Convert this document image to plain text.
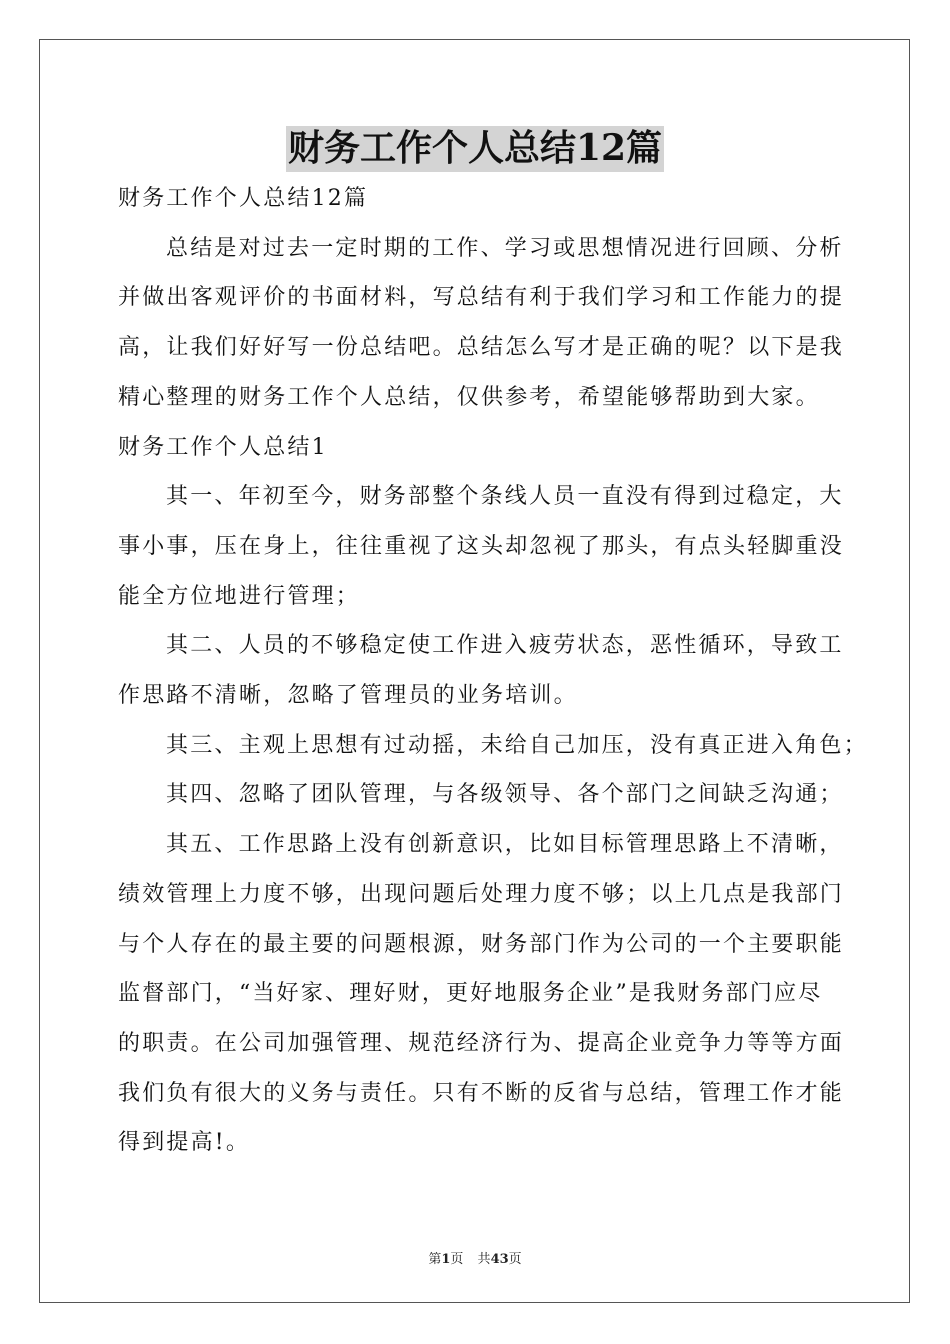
财务工作个人总结12篇
财务工作个人总结12篇
总结是对过去一定时期的工作、学习或思想情况进行回顾、分析
并做出客观评价的书面材料，写总结有利于我们学习和工作能力的提
高，让我们好好写一份总结吧。总结怎么写才是正确的呢？以下是我
精心整理的财务工作个人总结，仅供参考，希望能够帮助到大家。
财务工作个人总结1
其一、年初至今，财务部整个条线人员一直没有得到过稳定，大
事小事，压在身上，往往重视了这头却忽视了那头，有点头轻脚重没
能全方位地进行管理；
其二、人员的不够稳定使工作进入疲劳状态，恶性循环，导致工
作思路不清晰，忽略了管理员的业务培训。
其三、主观上思想有过动摇，未给自己加压，没有真正进入角色；
其四、忽略了团队管理，与各级领导、各个部门之间缺乏沟通；
其五、工作思路上没有创新意识，比如目标管理思路上不清晰，
绩效管理上力度不够，出现问题后处理力度不够；以上几点是我部门
与个人存在的最主要的问题根源，财务部门作为公司的一个主要职能
监督部门，“当好家、理好财，更好地服务企业”是我财务部门应尽
的职责。在公司加强管理、规范经济行为、提高企业竞争力等等方面
我们负有很大的义务与责任。只有不断的反省与总结，管理工作才能
得到提高!。
第1页 共43页
